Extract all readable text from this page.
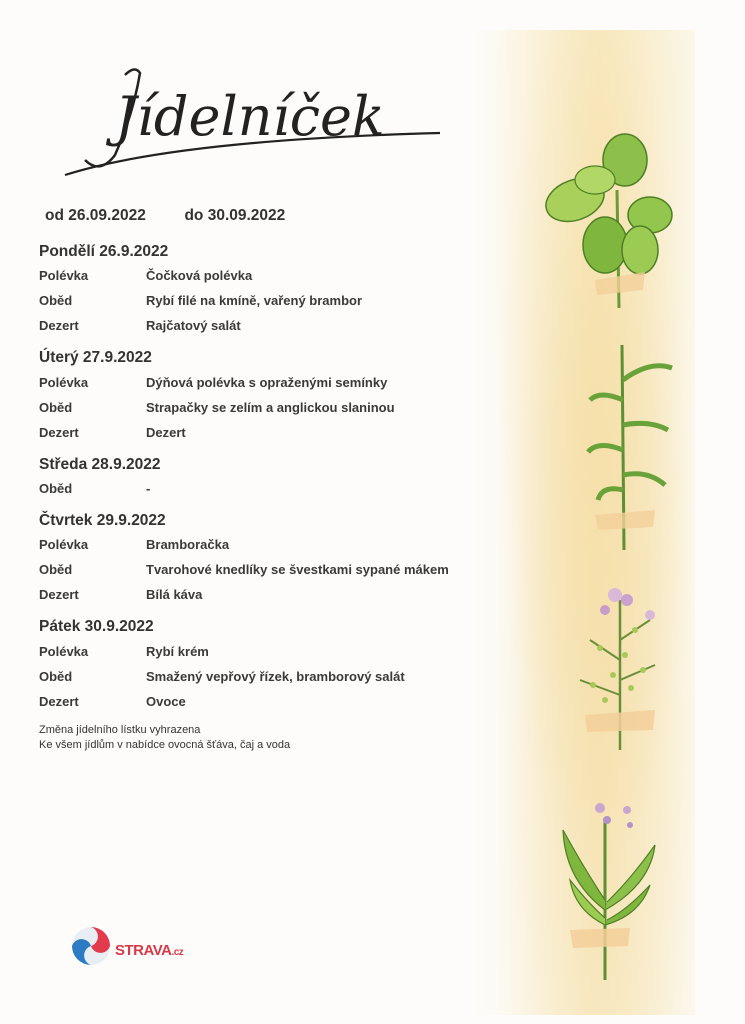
Jídelníček
od 26.09.2022 do 30.09.2022
Pondělí 26.9.2022
Polévka	Čočková polévka
Oběd	Rybí filé na kmíně, vařený brambor
Dezert	Rajčatový salát
Úterý 27.9.2022
Polévka	Dýňová polévka s opraženými semínky
Oběd	Strapačky se zelím a anglickou slaninou
Dezert	Dezert
Středa 28.9.2022
Oběd	-
Čtvrtek 29.9.2022
Polévka	Bramboračka
Oběd	Tvarohové knedlíky se švestkami sypané mákem
Dezert	Bílá káva
Pátek 30.9.2022
Polévka	Rybí krém
Oběd	Smažený vepřový řízek, bramborový salát
Dezert	Ovoce
Změna jídelního lístku vyhrazena
Ke všem jídlům v nabídce ovocná šťáva, čaj a voda
STRAVA.cz
